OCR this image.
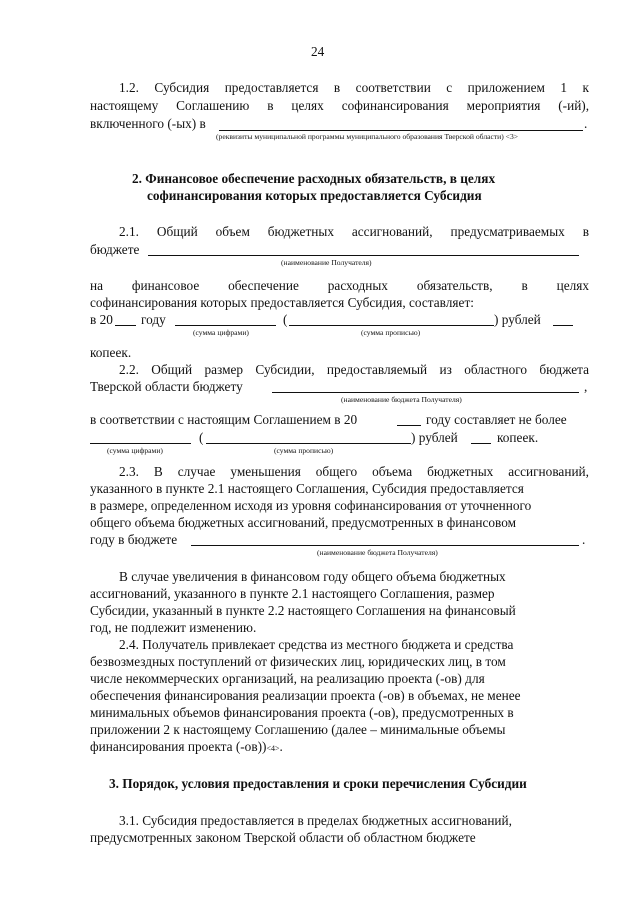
24
1.2. Субсидия предоставляется в соответствии с приложением 1 к
настоящему Соглашению в целях софинансирования мероприятия (-ий),
включенного (-ых) в	.
(реквизиты муниципальной программы муниципального образования Тверской области) <3>
2. Финансовое обеспечение расходных обязательств, в целях
софинансирования которых предоставляется Субсидия
2.1. Общий объем бюджетных ассигнований, предусматриваемых в
бюджете
(наименование Получателя)
на финансовое обеспечение расходных обязательств, в целях
софинансирования которых предоставляется Субсидия, составляет:
в 20 году	(	) рублей
(сумма цифрами)	(сумма прописью)
копеек.
2.2. Общий размер Субсидии, предоставляемый из областного бюджета
Тверской области бюджету	,
(наименование бюджета Получателя)
в соответствии с настоящим Соглашением в 20	году составляет не более
(	) рублей	копеек.
(сумма цифрами)	(сумма прописью)
2.3. В случае уменьшения общего объема бюджетных ассигнований,
указанного в пункте 2.1 настоящего Соглашения, Субсидия предоставляется
в размере, определенном исходя из уровня софинансирования от уточненного
общего объема бюджетных ассигнований, предусмотренных в финансовом
году в бюджете	.
(наименование бюджета Получателя)
В случае увеличения в финансовом году общего объема бюджетных
ассигнований, указанного в пункте 2.1 настоящего Соглашения, размер
Субсидии, указанный в пункте 2.2 настоящего Соглашения на финансовый
год, не подлежит изменению.
2.4. Получатель привлекает средства из местного бюджета и средства
безвозмездных поступлений от физических лиц, юридических лиц, в том
числе некоммерческих организаций, на реализацию проекта (-ов) для
обеспечения финансирования реализации проекта (-ов) в объемах, не менее
минимальных объемов финансирования проекта (-ов), предусмотренных в
приложении 2 к настоящему Соглашению (далее – минимальные объемы
финансирования проекта (-ов))<4>.
3. Порядок, условия предоставления и сроки перечисления Субсидии
3.1. Субсидия предоставляется в пределах бюджетных ассигнований,
предусмотренных законом Тверской области об областном бюджете
